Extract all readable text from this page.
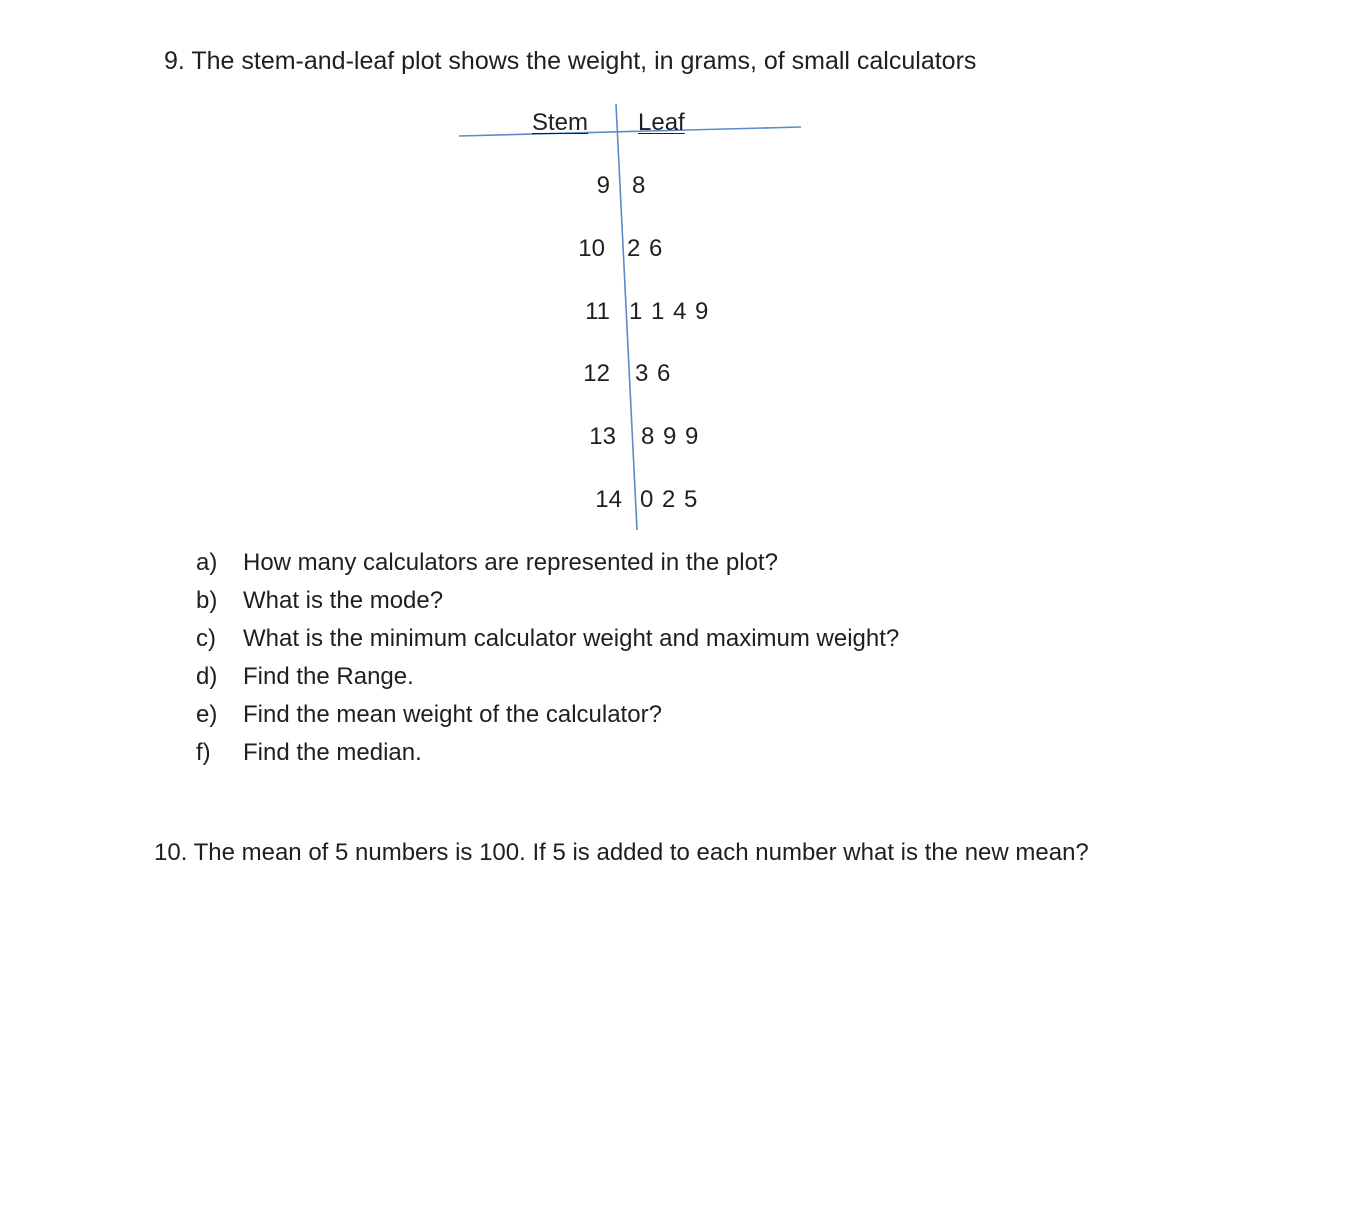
9. The stem-and-leaf plot shows the weight, in grams, of small calculators
Stem Leaf
9 8
10 2 6
11 1 1 4 9
12 3 6
13 8 9 9
14 0 2 5
a) How many calculators are represented in the plot?
b) What is the mode?
c) What is the minimum calculator weight and maximum weight?
d) Find the Range.
e) Find the mean weight of the calculator?
f) Find the median.
10. The mean of 5 numbers is 100. If 5 is added to each number what is the new mean?
